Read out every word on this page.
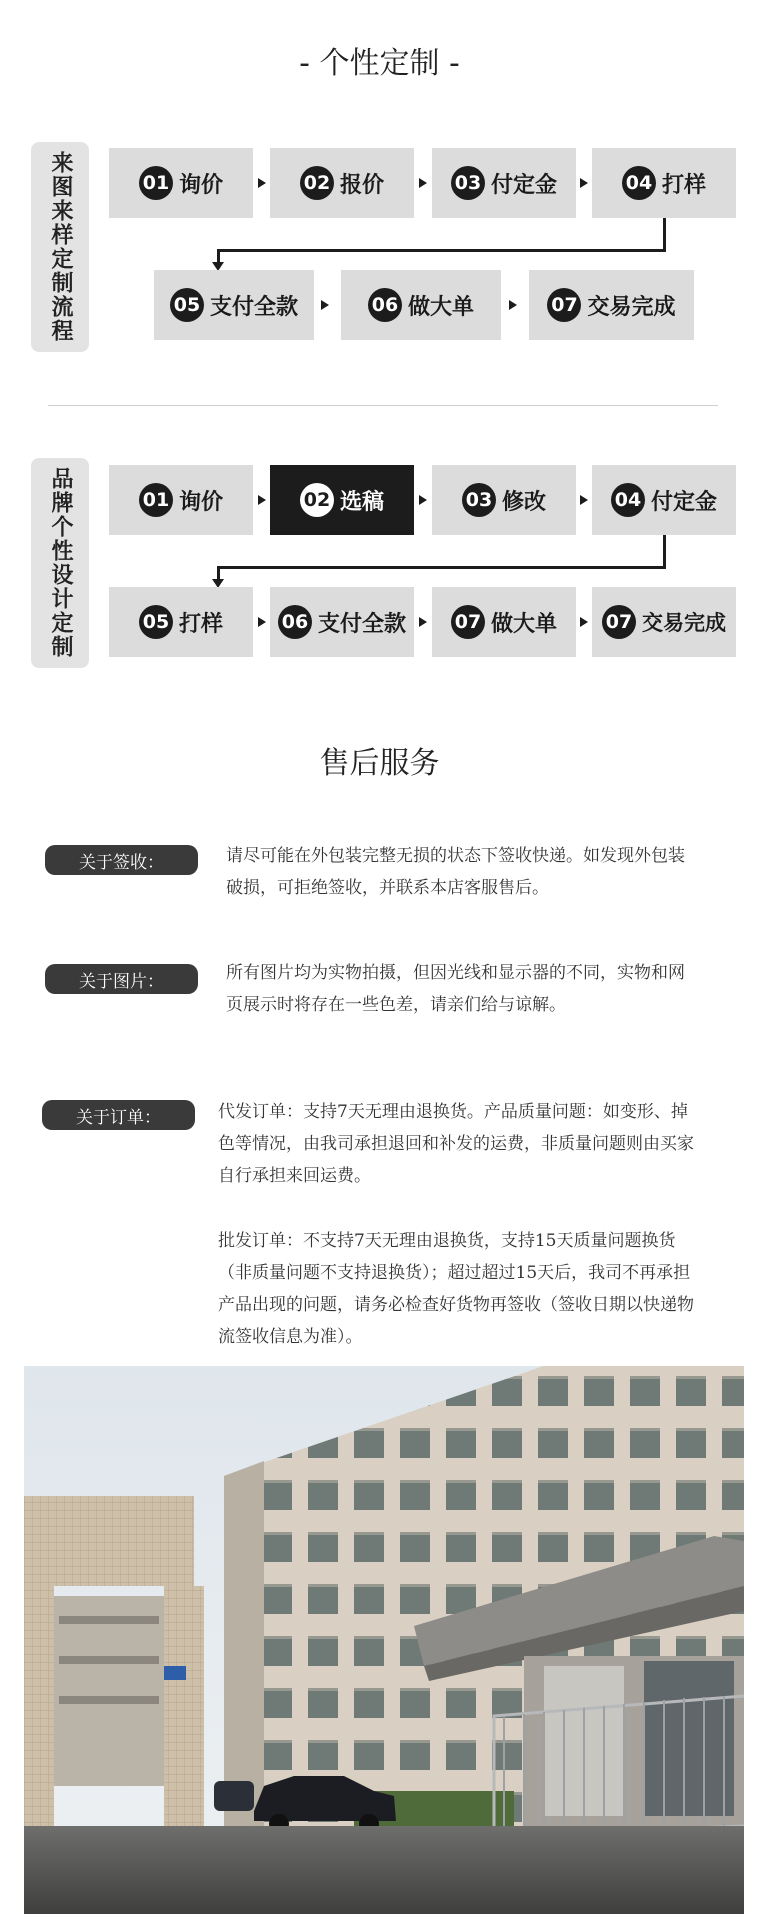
- 个性定制 -
来图来样定制流程	01 询价	02 报价	03 付定金	04 打样
05 支付全款	06 做大单	07 交易完成
品牌个性设计定制	01 询价	02 选稿	03 修改	04 付定金
05 打样	06 支付全款	07 做大单	07 交易完成
售后服务
关于签收：	请尽可能在外包装完整无损的状态下签收快递。如发现外包装破损，可拒绝签收，并联系本店客服售后。
关于图片：	所有图片均为实物拍摄，但因光线和显示器的不同，实物和网页展示时将存在一些色差，请亲们给与谅解。
关于订单：	代发订单：支持7天无理由退换货。产品质量问题：如变形、掉色等情况，由我司承担退回和补发的运费，非质量问题则由买家自行承担来回运费。
批发订单：不支持7天无理由退换货，支持15天质量问题换货（非质量问题不支持退换货）；超过超过15天后，我司不再承担产品出现的问题，请务必检查好货物再签收（签收日期以快递物流签收信息为准）。
